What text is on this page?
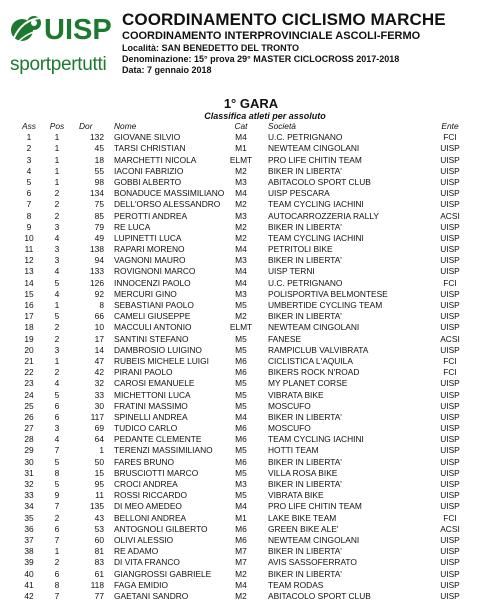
UISP
sportpertutti
COORDINAMENTO CICLISMO MARCHE
COORDINAMENTO INTERPROVINCIALE ASCOLI-FERMO
Località: SAN BENEDETTO DEL TRONTO
Denominazione: 15° prova 29° MASTER CICLOCROSS 2017-2018
Data: 7 gennaio 2018
1° GARA
Classifica atleti per assoluto
Ass	Pos	Dor	Nome	Cat	Società	Ente
1	1	132 GIOVANE SILVIO	M4	U.C. PETRIGNANO	FCI
2	1	45 TARSI CHRISTIAN	M1	NEWTEAM CINGOLANI	UISP
3	1	18 MARCHETTI NICOLA	ELMT	PRO LIFE CHITIN TEAM	UISP
4	1	55 IACONI FABRIZIO	M2	BIKER IN LIBERTA'	UISP
5	1	98 GOBBI ALBERTO	M3	ABITACOLO SPORT CLUB	UISP
6	2	134 BONADUCE MASSIMILIANO	M4	UISP PESCARA	UISP
7	2	75 DELL'ORSO ALESSANDRO	M2	TEAM CYCLING IACHINI	UISP
8	2	85 PEROTTI ANDREA	M3	AUTOCARROZZERIA RALLY	ACSI
9	3	79 RE LUCA	M2	BIKER IN LIBERTA'	UISP
10	4	49 LUPINETTI LUCA	M2	TEAM CYCLING IACHINI	UISP
11	3	138 RAPARI MORENO	M4	PETRITOLI BIKE	UISP
12	3	94 VAGNONI MAURO	M3	BIKER IN LIBERTA'	UISP
13	4	133 ROVIGNONI MARCO	M4	UISP TERNI	UISP
14	5	126 INNOCENZI PAOLO	M4	U.C. PETRIGNANO	FCI
15	4	92 MERCURI GINO	M3	POLISPORTIVA BELMONTESE	UISP
16	1	8 SEBASTIANI PAOLO	M5	UMBERTIDE CYCLING TEAM	UISP
17	5	66 CAMELI GIUSEPPE	M2	BIKER IN LIBERTA'	UISP
18	2	10 MACCULI ANTONIO	ELMT	NEWTEAM CINGOLANI	UISP
19	2	17 SANTINI STEFANO	M5	FANESE	ACSI
20	3	14 DAMBROSIO LUIGINO	M5	RAMPICLUB VALVIBRATA	UISP
21	1	47 RUBEIS MICHELE LUIGI	M6	CICLISTICA L'AQUILA	FCI
22	2	42 PIRANI PAOLO	M6	BIKERS ROCK N'ROAD	FCI
23	4	32 CAROSI EMANUELE	M5	MY PLANET CORSE	UISP
24	5	33 MICHETTONI LUCA	M5	VIBRATA BIKE	UISP
25	6	30 FRATINI MASSIMO	M5	MOSCUFO	UISP
26	6	117 SPINELLI ANDREA	M4	BIKER IN LIBERTA'	UISP
27	3	69 TUDICO CARLO	M6	MOSCUFO	UISP
28	4	64 PEDANTE CLEMENTE	M6	TEAM CYCLING IACHINI	UISP
29	7	1 TERENZI MASSIMILIANO	M5	HOTTI TEAM	UISP
30	5	50 FARES BRUNO	M6	BIKER IN LIBERTA'	UISP
31	8	15 BRUSCIOTTI MARCO	M5	VILLA ROSA BIKE	UISP
32	5	95 CROCI ANDREA	M3	BIKER IN LIBERTA'	UISP
33	9	11 ROSSI RICCARDO	M5	VIBRATA BIKE	UISP
34	7	135 DI MEO AMEDEO	M4	PRO LIFE CHITIN TEAM	UISP
35	2	43 BELLONI ANDREA	M1	LAKE BIKE TEAM	FCI
36	6	53 ANTOGNOLI GILBERTO	M6	GREEN BIKE ALE'	ACSI
37	7	60 OLIVI ALESSIO	M6	NEWTEAM CINGOLANI	UISP
38	1	81 RE ADAMO	M7	BIKER IN LIBERTA'	UISP
39	2	83 DI VITA FRANCO	M7	AVIS SASSOFERRATO	UISP
40	6	61 GIANGROSSI GABRIELE	M2	BIKER IN LIBERTA'	UISP
41	8	118 FAGA EMIDIO	M4	TEAM RODAS	UISP
42	7	77 GAETANI SANDRO	M2	ABITACOLO SPORT CLUB	UISP
